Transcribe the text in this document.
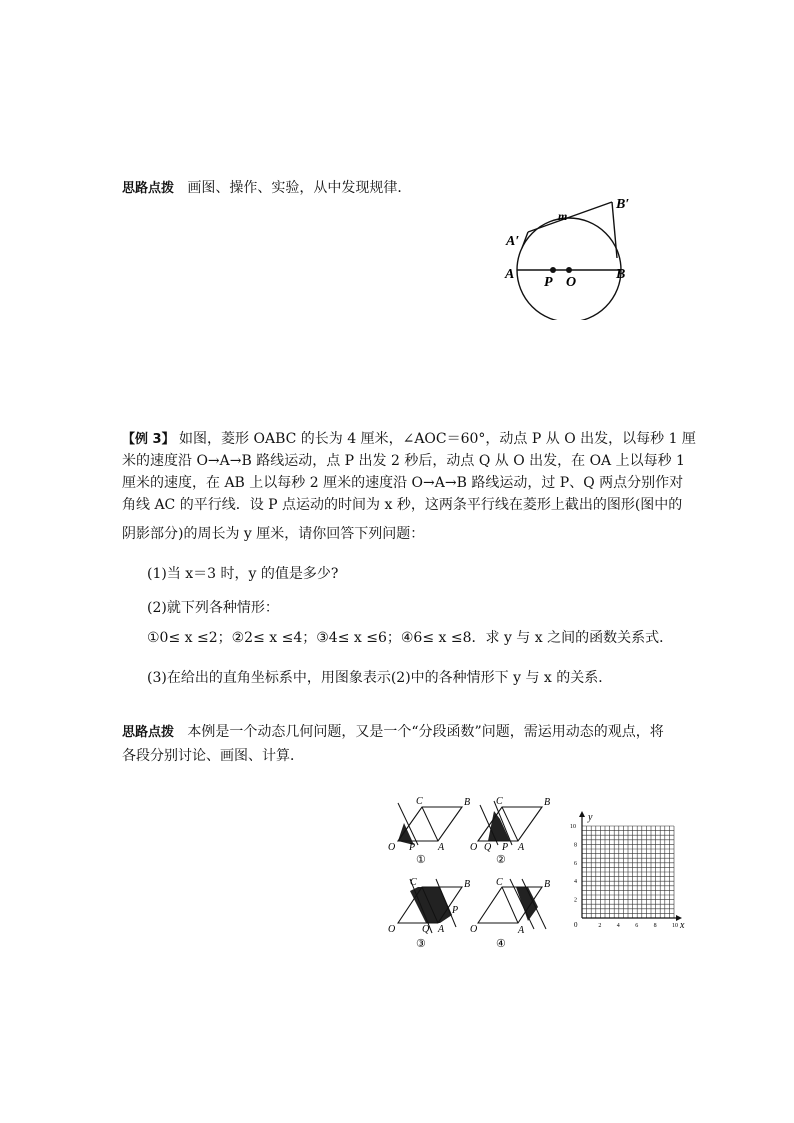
思路点拨 画图、操作、实验，从中发现规律．
A	B
A′
B′
m
P O
【例 3】 如图，菱形 OABC 的长为 4 厘米，∠AOC＝60°，动点 P 从 O 出发，以每秒 1 厘
米的速度沿 O→A→B 路线运动，点 P 出发 2 秒后，动点 Q 从 O 出发，在 OA 上以每秒 1
厘米的速度，在 AB 上以每秒 2 厘米的速度沿 O→A→B 路线运动，过 P、Q 两点分别作对
角线 AC 的平行线．设 P 点运动的时间为 x 秒，这两条平行线在菱形上截出的图形(图中的
阴影部分)的周长为 y 厘米，请你回答下列问题：
(1)当 x＝3 时，y 的值是多少?
(2)就下列各种情形：
①0≤ x ≤2；②2≤ x ≤4；③4≤ x ≤6；④6≤ x ≤8．求 y 与 x 之间的函数关系式．
(3)在给出的直角坐标系中，用图象表示(2)中的各种情形下 y 与 x 的关系．
思路点拨 本例是一个动态几何问题，又是一个“分段函数”问题，需运用动态的观点，将
各段分别讨论、画图、计算．
O P A
B
C
①
O Q P A
B
C
②
O	Q
P
A
B
C
③
O	A
B
C
④
y
x
0	2	4	6	8	10
2
4
6
8
10
